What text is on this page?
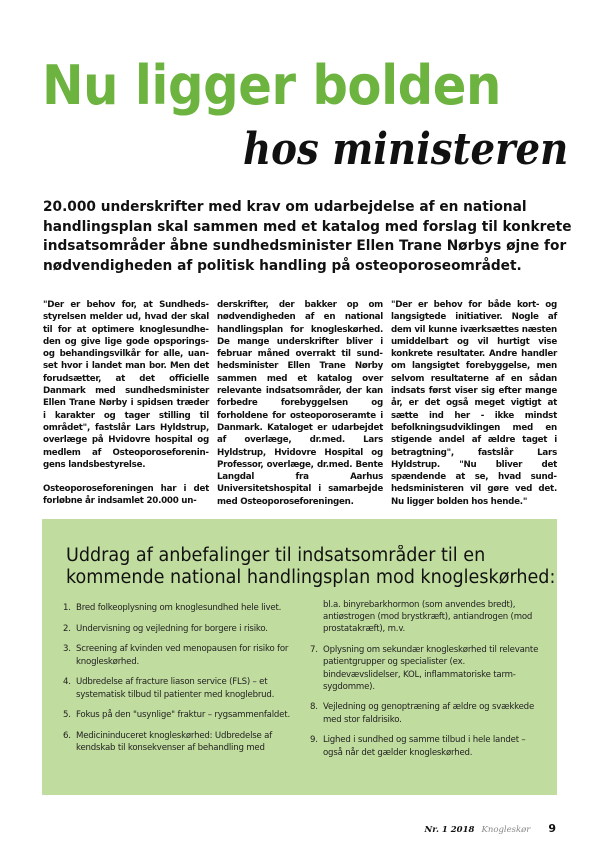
Nu ligger bolden
hos ministeren

20.000 underskrifter med krav om udarbejdelse af en national

handlingsplan skal sammen med et katalog med forslag til konkrete

indsatsområder åbne sundhedsminister Ellen Trane Nørbys øjne for

nødvendigheden af politisk handling på osteoporoseområdet.

"Der er behov for, at Sundhedsstyrelsen melder ud, hvad der skal til for at optimere knoglesundheden og give lige gode opsporingsog behandingsvilkår for alle, uanset hvor i landet man bor. Men det forudsætter, at det officielle Danmark med sundhedsminister Ellen Trane Nørby i spidsen træder i karakter og tager stilling til området", fastslår Lars Hyldstrup, overlæge på Hvidovre hospital og medlem af Osteoporoseforeningens landsbestyrelse.

Osteoporoseforeningen har i det forløbne år indsamlet 20.000 un-

derskrifter, der bakker op om nødvendigheden af en national handlingsplan for knogleskørhed. De mange underskrifter bliver i februar måned overrakt til sundhedsminister Ellen Trane Nørby sammen med et katalog over relevante indsatsområder, der kan forbedre forebyggelsen og forholdene for osteoporoseramte i Danmark. Kataloget er udarbejdet af overlæge, dr.med. Lars Hyldstrup, Hvidovre Hospital og Professor, overlæge, dr.med. Bente Langdal fra Aarhus Universitetshospital i samarbejde med Osteoporoseforeningen.

"Der er behov for både kort- og langsigtede initiativer. Nogle af dem vil kunne iværksættes næsten umiddelbart og vil hurtigt vise konkrete resultater. Andre handler om langsigtet forebyggelse, men selvom resultaterne af en sådan indsats først viser sig efter mange år, er det også meget vigtigt at sætte ind her - ikke mindst befolkningsudviklingen med en stigende andel af ældre taget i betragtning", fastslår Lars Hyldstrup. "Nu bliver det spændende at se, hvad sundhedsministeren vil gøre ved det. Nu ligger bolden hos hende."

Uddrag af anbefalinger til indsatsområder til en

kommende national handlingsplan mod knogleskørhed:

1. Bred folkeoplysning om knoglesundhed hele livet.
2. Undervisning og vejledning for borgere i risiko.
3. Screening af kvinden ved menopausen for risiko for knogleskørhed.
4. Udbredelse af fracture liason service (FLS) – et systematisk tilbud til patienter med knoglebrud.
5. Fokus på den "usynlige" fraktur – rygsammenfaldet.
6. Medicininduceret knogleskørhed: Udbredelse af kendskab til konsekvenser af behandling med
bl.a. binyrebarkhormon (som anvendes bredt), antiøstrogen (mod brystkræft), antiandrogen (mod prostatakræft), m.v.
7. Oplysning om sekundær knogleskørhed til relevante patientgrupper og specialister (ex. bindevævslidelser, KOL, inflammatoriske tarmsygdomme).
8. Vejledning og genoptræning af ældre og svækkede med stor faldrisiko.
9. Lighed i sundhed og samme tilbud i hele landet – også når det gælder knogleskørhed.
Nr. 1 2018 Knogleskør 9
